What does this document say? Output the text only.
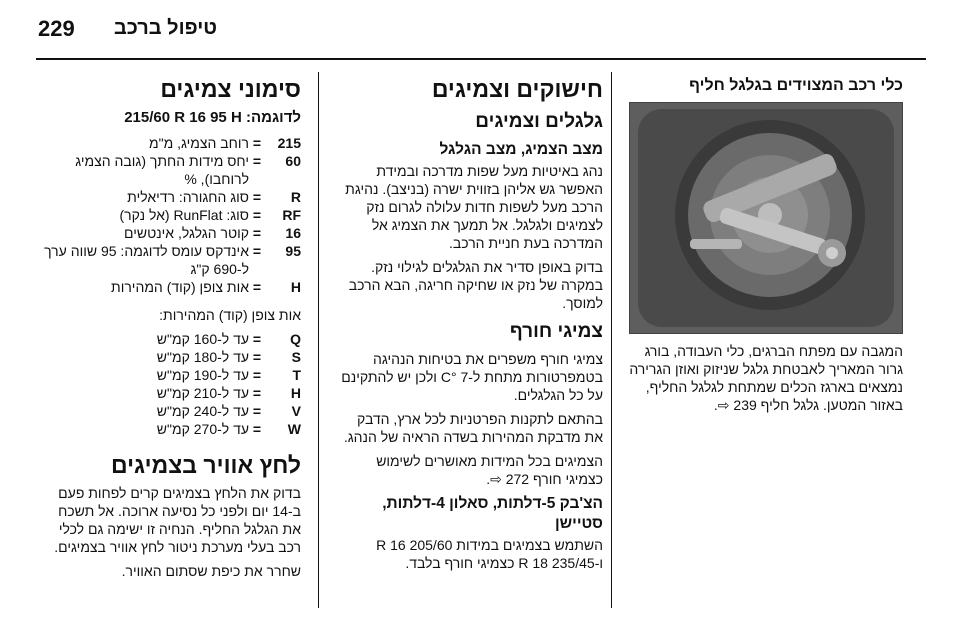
229 טיפול ברכב
כלי רכב המצוידים בגלגל חליף
המגבה עם מפתח הברגים, כלי העבודה, בורג גרור המאריך לאבטחת גלגל שניזוק ואוזן הגרירה נמצאים בארגז הכלים שמתחת לגלגל החליף, באזור המטען. גלגל חליף 239 ⇨.
חישוקים וצמיגים
גלגלים וצמיגים
מצב הצמיג, מצב הגלגל
נהג באיטיות מעל שפות מדרכה ובמידת האפשר גש אליהן בזווית ישרה (בניצב). נהיגת הרכב מעל לשפות חדות עלולה לגרום נזק לצמיגים ולגלגל. אל תמעך את הצמיג אל המדרכה בעת חניית הרכב.
בדוק באופן סדיר את הגלגלים לגילוי נזק. במקרה של נזק או שחיקה חריגה, הבא הרכב למוסך.
צמיגי חורף
צמיגי חורף משפרים את בטיחות הנהיגה בטמפרטורות מתחת ל-7 °C ולכן יש להתקינם על כל הגלגלים.
בהתאם לתקנות הפרטניות לכל ארץ, הדבק את מדבקת המהירות בשדה הראיה של הנהג.
הצמיגים בכל המידות מאושרים לשימוש כצמיגי חורף 272 ⇨.
הצ'בק 5-דלתות, סאלון 4-דלתות, סטיישן
השתמש בצמיגים במידות 205/60 R 16 ו-235/45 R 18 כצמיגי חורף בלבד.
סימוני צמיגים
לדוגמה: 215/60 R 16 95 H
215
=
רוחב הצמיג, מ"מ
60
=
יחס מידות החתך (גובה הצמיג לרוחבו), %
R
=
סוג החגורה: רדיאלית
RF
=
סוג: RunFlat (אל נקר)
16
=
קוטר הגלגל, אינטשים
95
=
אינדקס עומס לדוגמה: 95 שווה ערך ל-690 ק"ג
H
=
אות צופן (קוד) המהירות
אות צופן (קוד) המהירות:
Q
=
עד ל-160 קמ"ש
S
=
עד ל-180 קמ"ש
T
=
עד ל-190 קמ"ש
H
=
עד ל-210 קמ"ש
V
=
עד ל-240 קמ"ש
W
=
עד ל-270 קמ"ש
לחץ אוויר בצמיגים
בדוק את הלחץ בצמיגים קרים לפחות פעם ב-14 יום ולפני כל נסיעה ארוכה. אל תשכח את הגלגל החליף. הנחיה זו ישימה גם לכלי רכב בעלי מערכת ניטור לחץ אוויר בצמיגים.
שחרר את כיפת שסתום האוויר.
